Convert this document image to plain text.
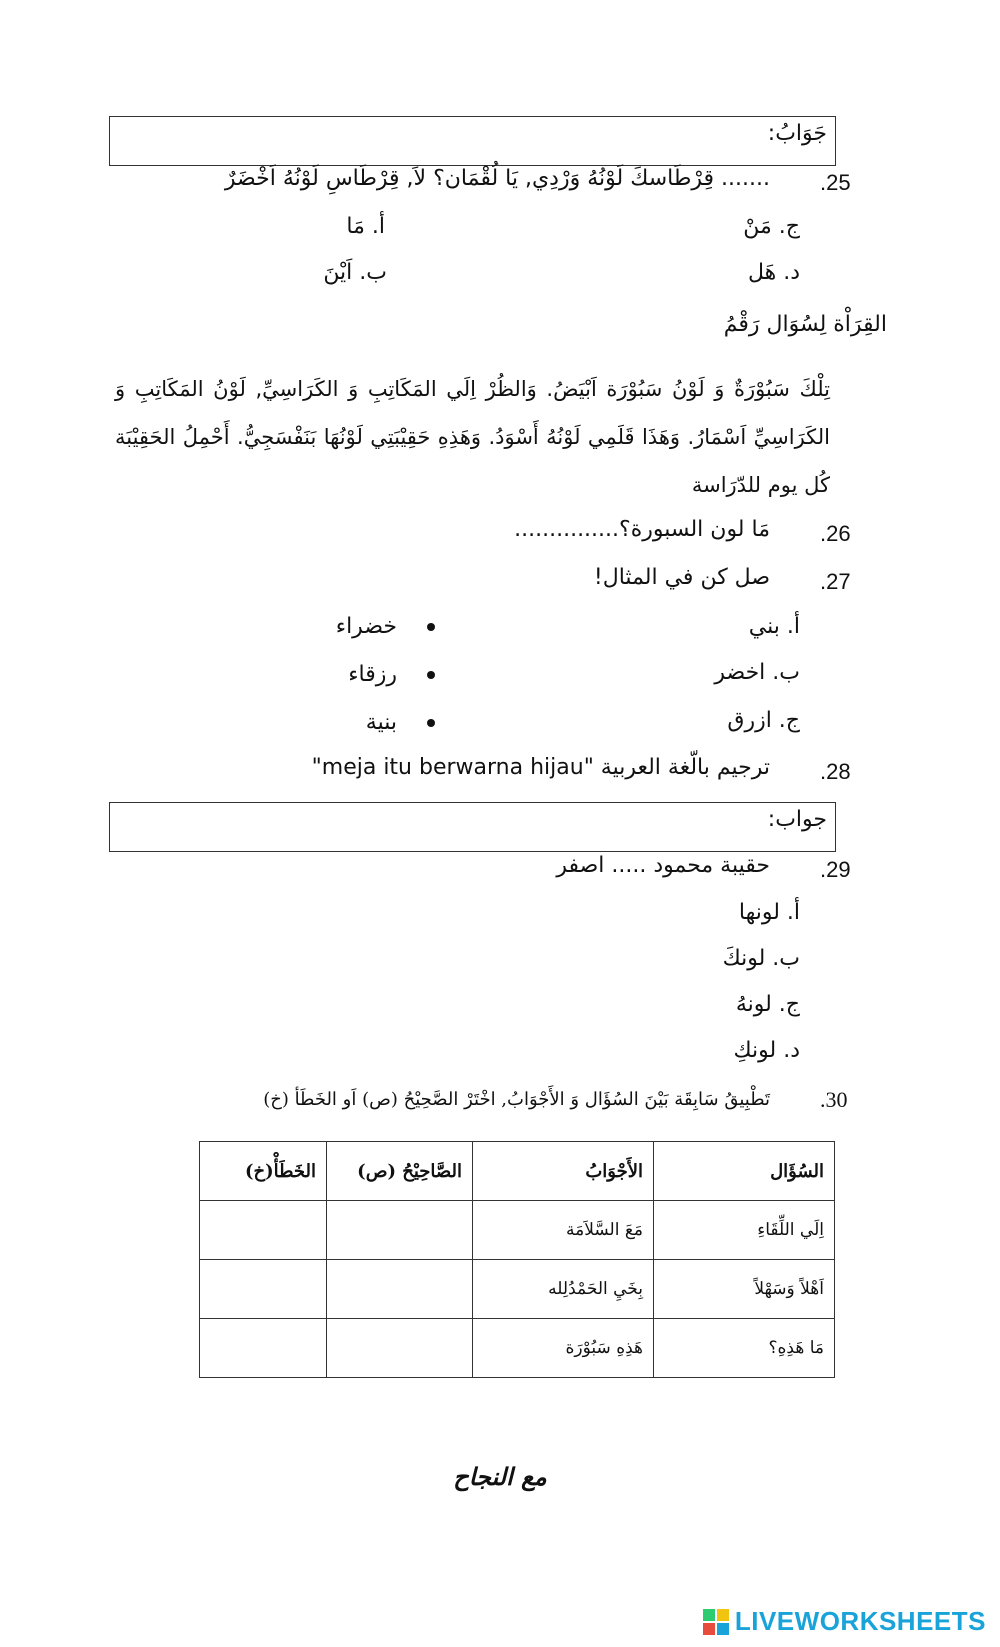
جَوَابُ:
.25
....... قِرْطَاسكَ لَوْنُهُ وَرْدِي, يَا لُقْمَان؟ لاَ, قِرْطَاسِ لَوْنُهُ اَخْضَرٌ
ج. مَنْ
أ. مَا
د. هَل
ب. اَيْنَ
القِرَاْة لِسُوَال رَقْمُ
تِلْكَ سَبُوْرَةٌ وَ لَوْنُ سَبُوْرَة اَبْيَضُ. وَالظُرْ اِلَي المَكَاتِبِ وَ الكَرَاسِيِّ, لَوْنُ المَكَاتِبِ وَ الكَرَاسِيِّ اَسْمَارُ. وَهَذَا قَلَمِي لَوْنُهُ أَسْوَدُ. وَهَذِهِ حَقِيْبَتِي لَوْنُهَا بَنَفْسَجِيُّ. أَحْمِلُ الحَقِيْبَة كُل يوم للدّرَاسة
.26
مَا لون السبورة؟...............
.27
صل كن في المثال!
أ. بني
ب. اخضر
ج. ازرق
خضراء
رزقاء
بنية
.28
ترجيم بالّغة العربية "meja itu berwarna hijau"
جواب:
.29
حقيبة محمود ..... اصفر
أ. لونها
ب. لونكَ
ج. لونهُ
د. لونكِ
.30
تَطْبِيقُ سَابِقَة بَيْنَ السُؤَال وَ الأَجْوَابُ, اخْتَرْ الصَّحِيْحُ (ص) اَو الخَطَأ (خ)
السُؤَال	الأَجْوَابُ	الصَّاحِيْحُ (ص)	الخَطَأْ(خ)
اِلَي اللِّقَاءِ	مَعَ السَّلاَمَة		
اَهْلاً وَسَهْلاً	بِخَيِ الحَمْدُلِله		
مَا هَذِهِ؟	هَذِهِ سَبُوْرَة		
مع النجاح
LIVEWORKSHEETS
